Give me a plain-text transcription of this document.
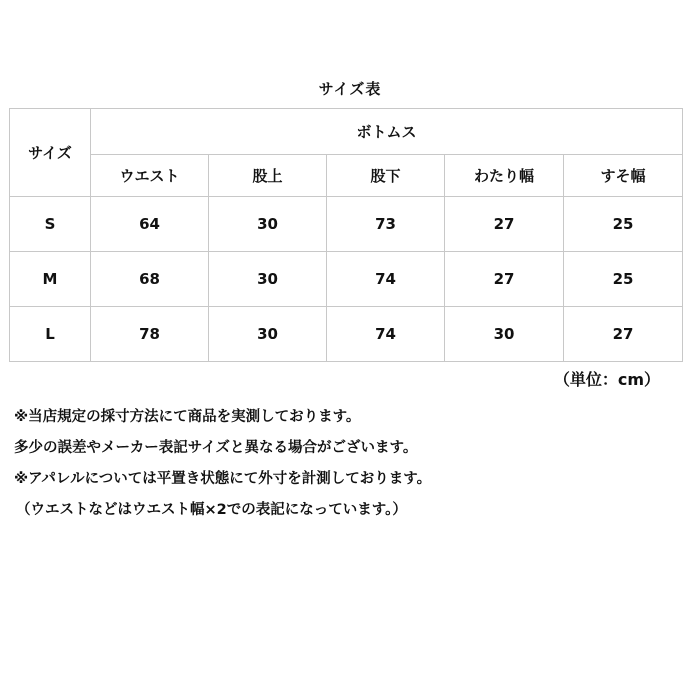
サイズ表
サイズ	ボトムス				
	ウエスト	股上	股下	わたり幅	すそ幅
S	64	30	73	27	25
M	68	30	74	27	25
L	78	30	74	30	27
（単位：cm）
※当店規定の採寸方法にて商品を実測しております。
多少の誤差やメーカー表記サイズと異なる場合がございます。
※アパレルについては平置き状態にて外寸を計測しております。
（ウエストなどはウエスト幅×2での表記になっています。）
